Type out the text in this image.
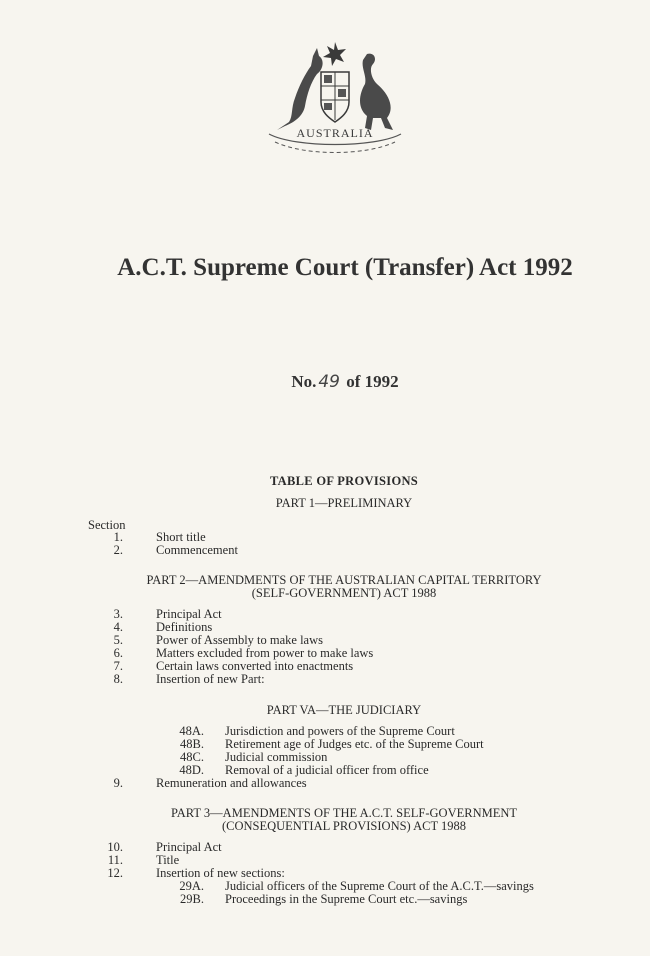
AUSTRALIA
A.C.T. Supreme Court (Transfer) Act 1992
No. 49 of 1992
TABLE OF PROVISIONS
PART 1—PRELIMINARY
Section
1.	Short title
2.	Commencement
PART 2—AMENDMENTS OF THE AUSTRALIAN CAPITAL TERRITORY
(SELF-GOVERNMENT) ACT 1988
3.	Principal Act
4.	Definitions
5.	Power of Assembly to make laws
6.	Matters excluded from power to make laws
7.	Certain laws converted into enactments
8.	Insertion of new Part:
PART VA—THE JUDICIARY
48A. Jurisdiction and powers of the Supreme Court
48B. Retirement age of Judges etc. of the Supreme Court
48C. Judicial commission
48D. Removal of a judicial officer from office
9.	Remuneration and allowances
PART 3—AMENDMENTS OF THE A.C.T. SELF-GOVERNMENT
(CONSEQUENTIAL PROVISIONS) ACT 1988
10.	Principal Act
11.	Title
12.	Insertion of new sections:
29A. Judicial officers of the Supreme Court of the A.C.T.—savings
29B. Proceedings in the Supreme Court etc.—savings
